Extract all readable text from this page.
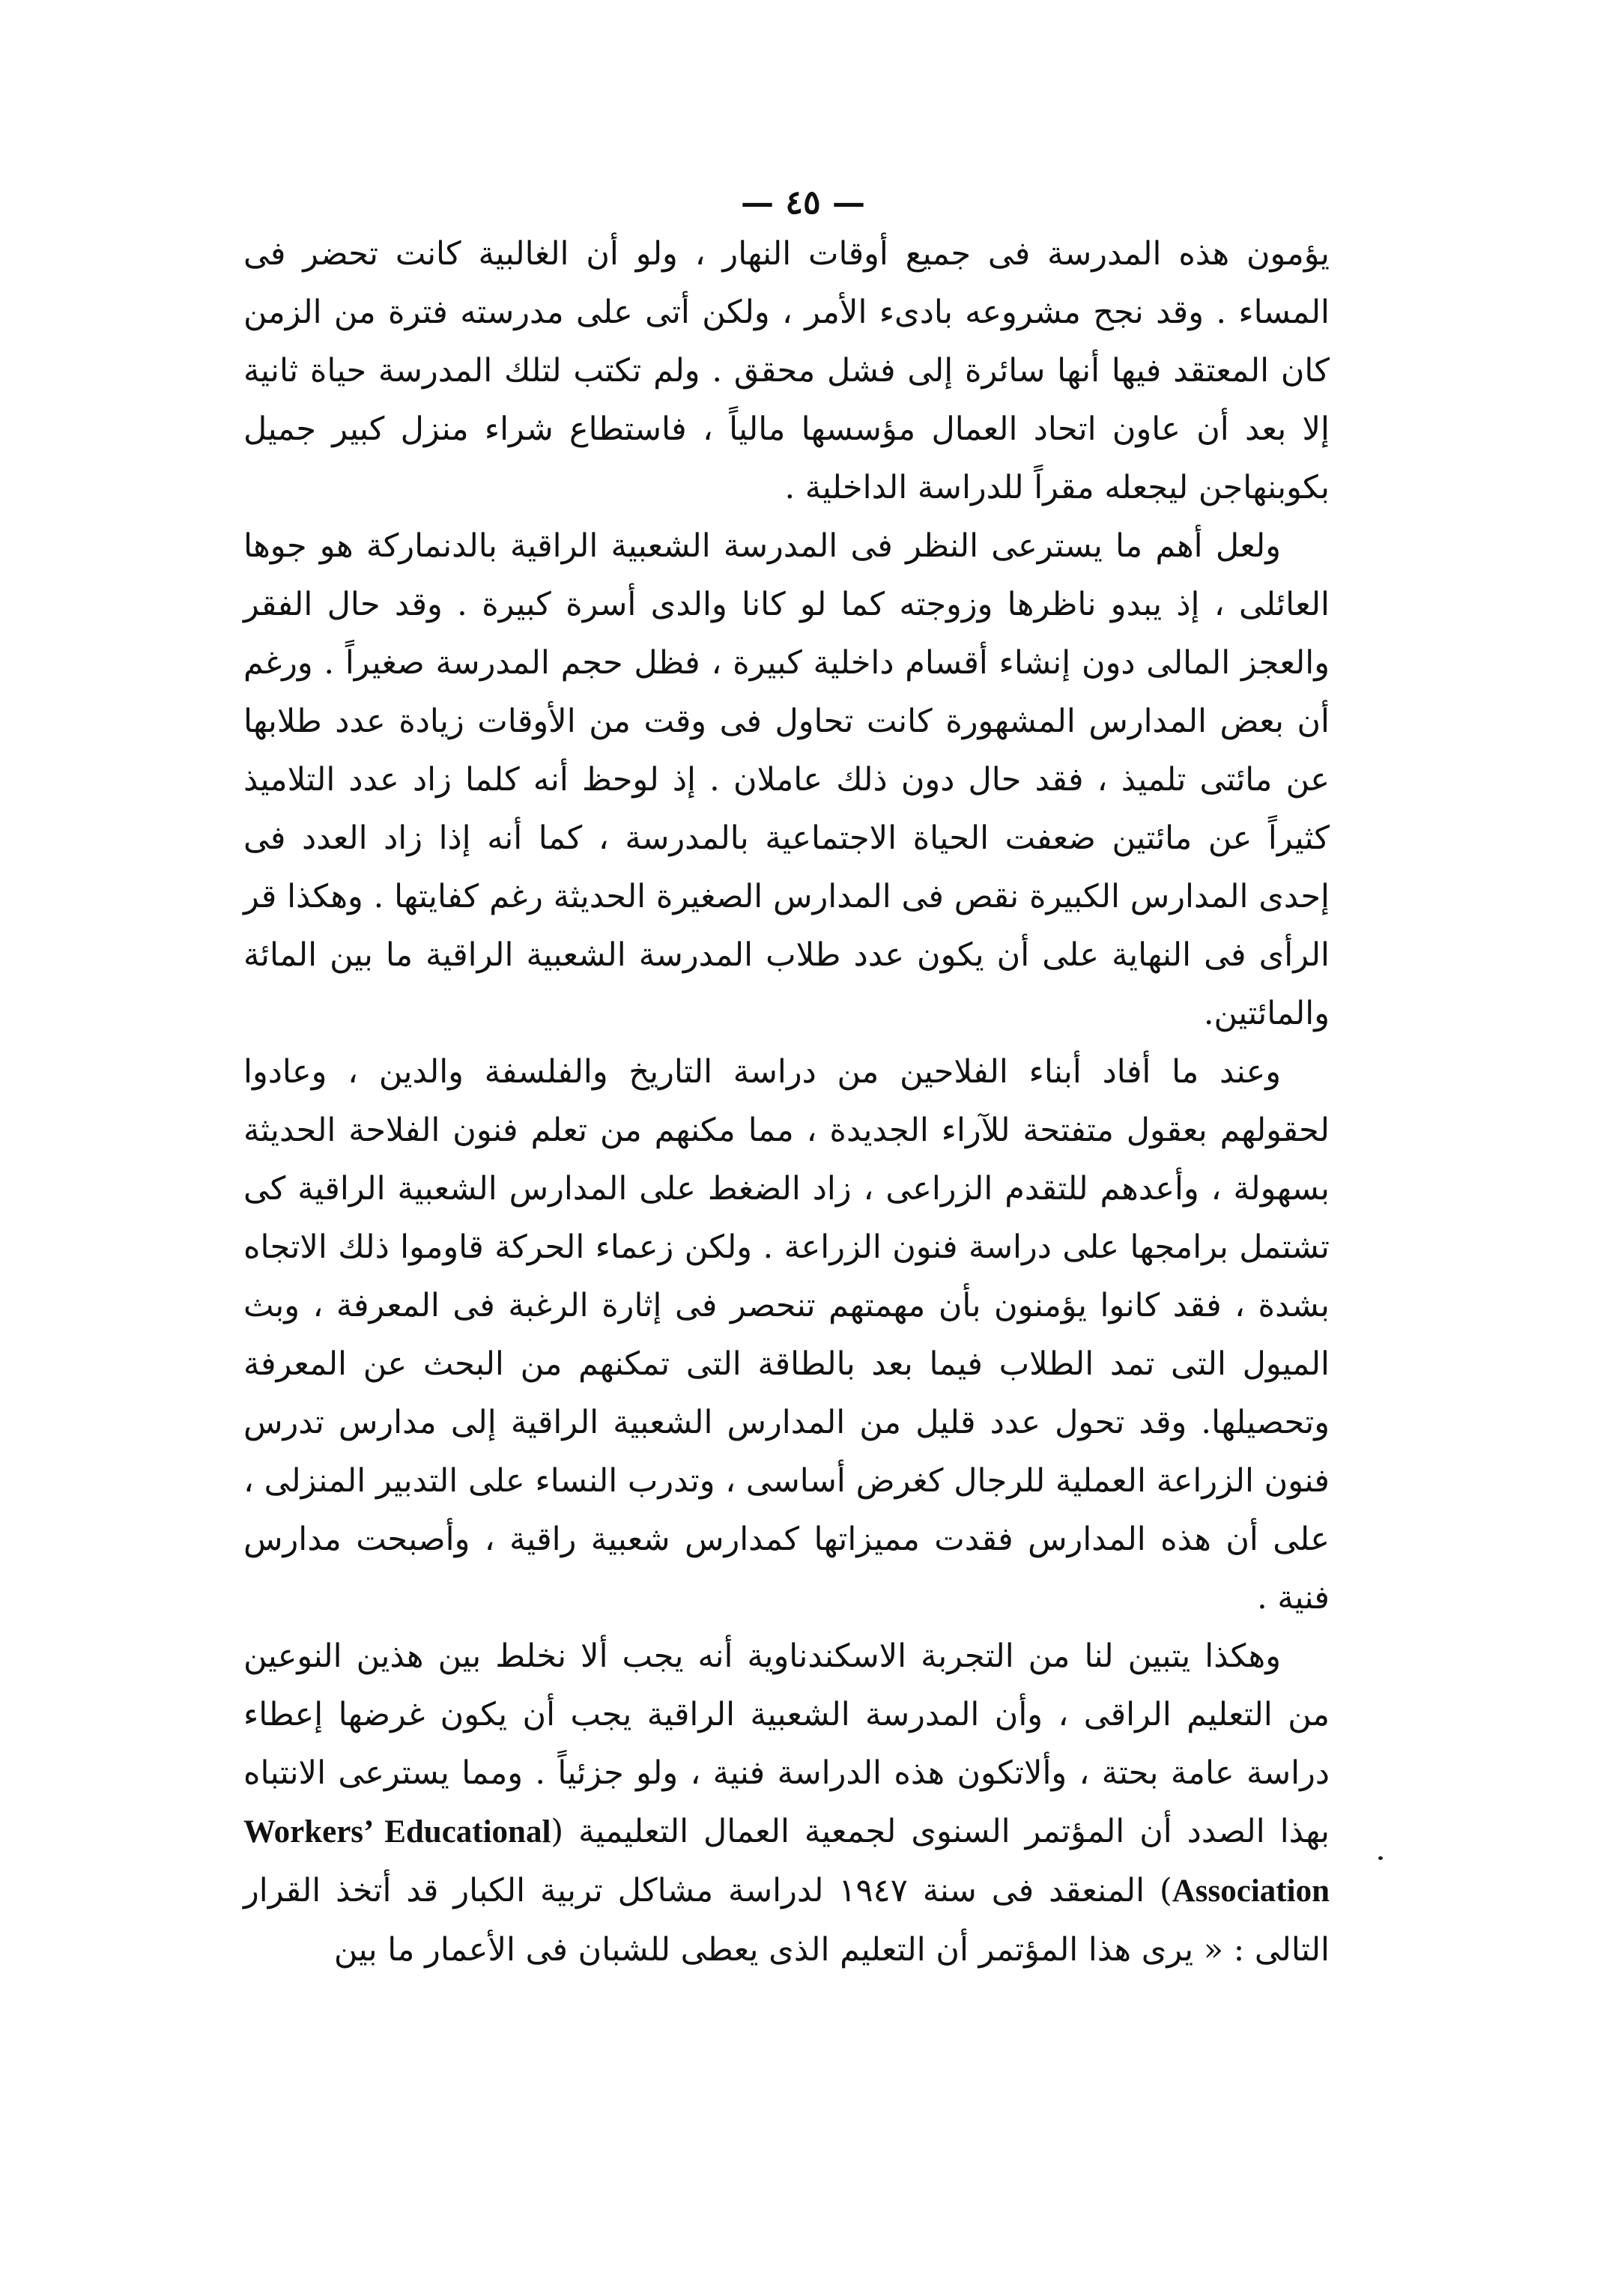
— ٤٥ —

يؤمون هذه المدرسة فى جميع أوقات النهار ، ولو أن الغالبية كانت تحضر فى المساء . وقد نجح مشروعه بادىء الأمر ، ولكن أتى على مدرسته فترة من الزمن كان المعتقد فيها أنها سائرة إلى فشل محقق . ولم تكتب لتلك المدرسة حياة ثانية إلا بعد أن عاون اتحاد العمال مؤسسها مالياً ، فاستطاع شراء منزل كبير جميل بكوبنهاجن ليجعله مقراً للدراسة الداخلية .

ولعل أهم ما يسترعى النظر فى المدرسة الشعبية الراقية بالدنماركة هو جوها العائلى ، إذ يبدو ناظرها وزوجته كما لو كانا والدى أسرة كبيرة . وقد حال الفقر والعجز المالى دون إنشاء أقسام داخلية كبيرة ، فظل حجم المدرسة صغيراً . ورغم أن بعض المدارس المشهورة كانت تحاول فى وقت من الأوقات زيادة عدد طلابها عن مائتى تلميذ ، فقد حال دون ذلك عاملان . إذ لوحظ أنه كلما زاد عدد التلاميذ كثيراً عن مائتين ضعفت الحياة الاجتماعية بالمدرسة ، كما أنه إذا زاد العدد فى إحدى المدارس الكبيرة نقص فى المدارس الصغيرة الحديثة رغم كفايتها . وهكذا قر الرأى فى النهاية على أن يكون عدد طلاب المدرسة الشعبية الراقية ما بين المائة والمائتين.

وعند ما أفاد أبناء الفلاحين من دراسة التاريخ والفلسفة والدين ، وعادوا لحقولهم بعقول متفتحة للآراء الجديدة ، مما مكنهم من تعلم فنون الفلاحة الحديثة بسهولة ، وأعدهم للتقدم الزراعى ، زاد الضغط على المدارس الشعبية الراقية كى تشتمل برامجها على دراسة فنون الزراعة . ولكن زعماء الحركة قاوموا ذلك الاتجاه بشدة ، فقد كانوا يؤمنون بأن مهمتهم تنحصر فى إثارة الرغبة فى المعرفة ، وبث الميول التى تمد الطلاب فيما بعد بالطاقة التى تمكنهم من البحث عن المعرفة وتحصيلها. وقد تحول عدد قليل من المدارس الشعبية الراقية إلى مدارس تدرس فنون الزراعة العملية للرجال كغرض أساسى ، وتدرب النساء على التدبير المنزلى ، على أن هذه المدارس فقدت مميزاتها كمدارس شعبية راقية ، وأصبحت مدارس فنية .

وهكذا يتبين لنا من التجربة الاسكندناوية أنه يجب ألا نخلط بين هذين النوعين من التعليم الراقى ، وأن المدرسة الشعبية الراقية يجب أن يكون غرضها إعطاء دراسة عامة بحتة ، وألاتكون هذه الدراسة فنية ، ولو جزئياً . ومما يسترعى الانتباه بهذا الصدد أن المؤتمر السنوى لجمعية العمال التعليمية (Workers’ Educational Association) المنعقد فى سنة ١٩٤٧ لدراسة مشاكل تربية الكبار قد أتخذ القرار التالى : « يرى هذا المؤتمر أن التعليم الذى يعطى للشبان فى الأعمار ما بين
